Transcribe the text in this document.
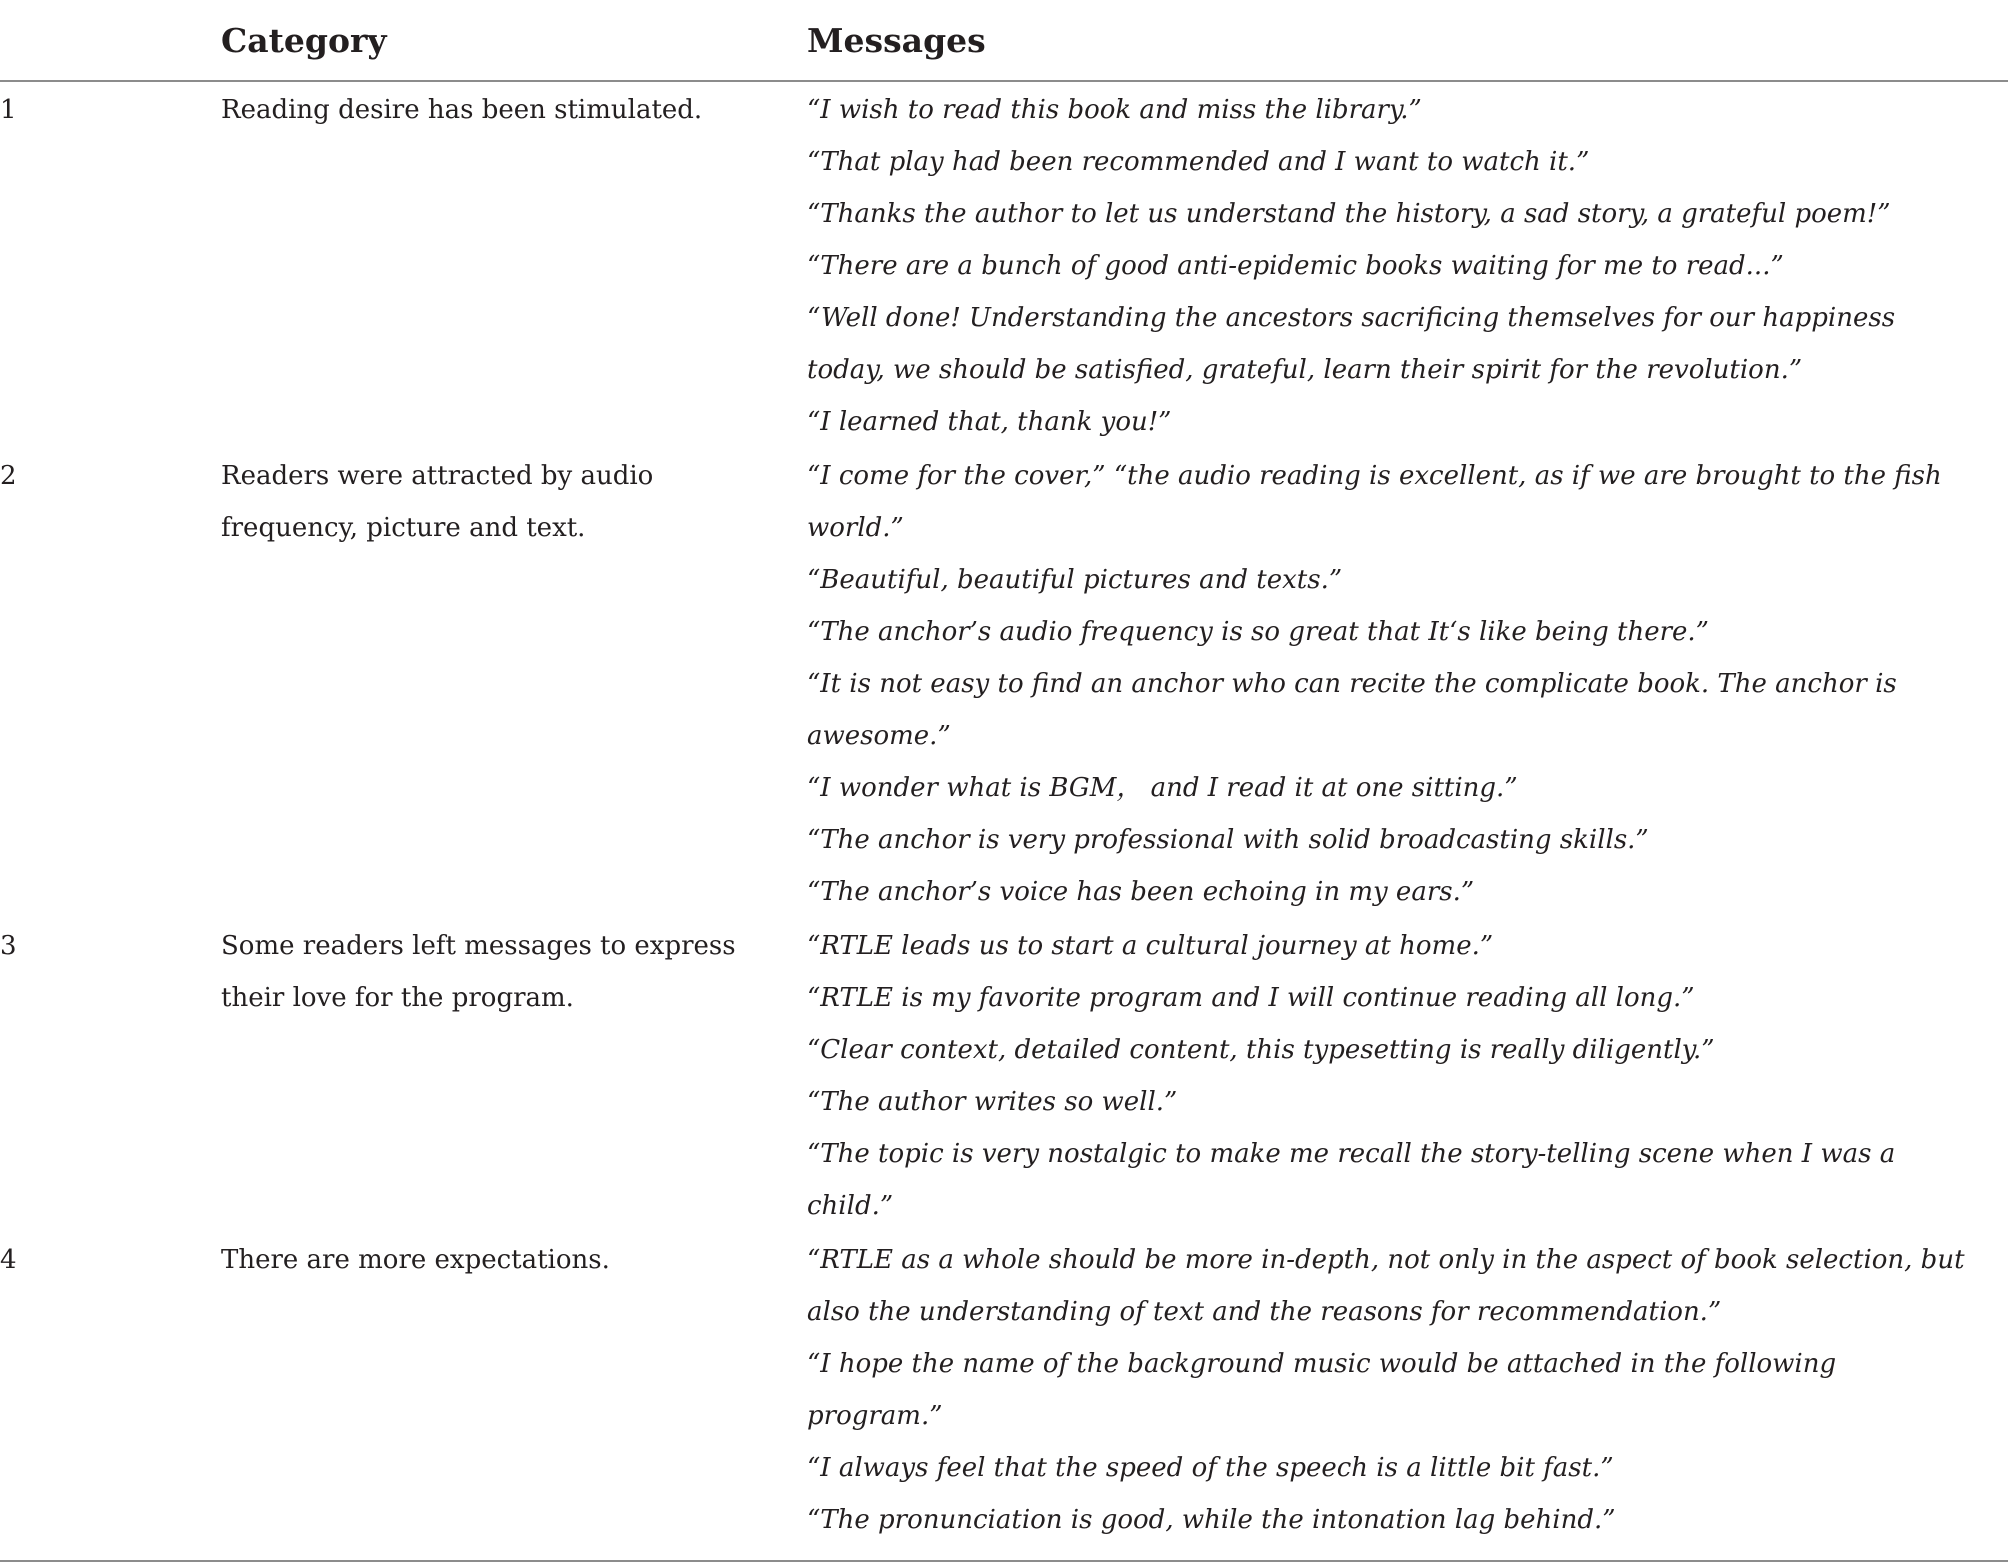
	Category	Messages
1	Reading desire has been stimulated.	“I wish to read this book and miss the library.”
		“That play had been recommended and I want to watch it.”
		“Thanks the author to let us understand the history, a sad story, a grateful poem!”
		“There are a bunch of good anti-epidemic books waiting for me to read...”
		“Well done! Understanding the ancestors sacrificing themselves for our happiness today, we should be satisfied, grateful, learn their spirit for the revolution.”
		“I learned that, thank you!”
2	Readers were attracted by audio frequency, picture and text.	“I come for the cover,” “the audio reading is excellent, as if we are brought to the fish world.”
		“Beautiful, beautiful pictures and texts.”
		“The anchor’s audio frequency is so great that It‘s like being there.”
		“It is not easy to find an anchor who can recite the complicate book. The anchor is awesome.”
		“I wonder what is BGM， and I read it at one sitting.”
		“The anchor is very professional with solid broadcasting skills.”
		“The anchor’s voice has been echoing in my ears.”
3	Some readers left messages to express their love for the program.	“RTLE leads us to start a cultural journey at home.”
		“RTLE is my favorite program and I will continue reading all long.”
		“Clear context, detailed content, this typesetting is really diligently.”
		“The author writes so well.”
		“The topic is very nostalgic to make me recall the story-telling scene when I was a child.”
4	There are more expectations.	“RTLE as a whole should be more in-depth, not only in the aspect of book selection, but also the understanding of text and the reasons for recommendation.”
		“I hope the name of the background music would be attached in the following program.”
		“I always feel that the speed of the speech is a little bit fast.”
		“The pronunciation is good, while the intonation lag behind.”
